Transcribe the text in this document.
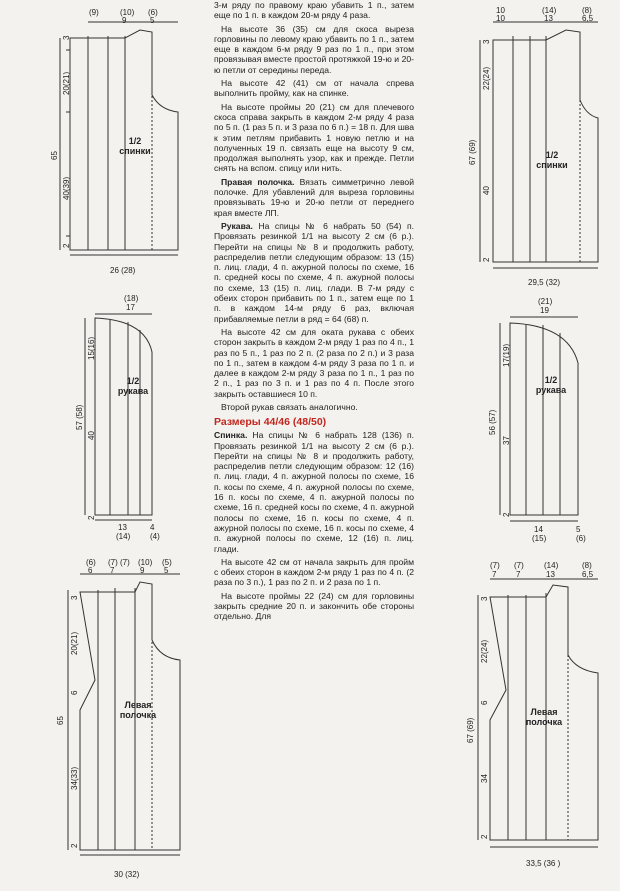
(9)	(10) (6)
9	5
3
20(21)
65
40(39)
2
1/2
спинки
26 (28)
(18)
17
15(16)
57 (58)
40
2
1/2
рукава
13
(14)
4
(4)
(6) (7) (7) (10) (5)
6 7	9 5
3
20(21)
6
65
34(33)
2
Левая
полочка
30 (32)

3-м ряду по правому краю убавить 1 п., затем еще по 1 п. в каждом 20-м ряду 4 раза.

На высоте 36 (35) см для скоса выреза горловины по левому краю убавить по 1 п., затем еще в каждом 6-м ряду 9 раз по 1 п., при этом провязывая вместе простой протяжкой 19-ю и 20-ю петли от середины переда.

На высоте 42 (41) см от начала спрева выполнить пройму, как на спинке.

На высоте проймы 20 (21) см для плечевого скоса справа закрыть в каждом 2-м ряду 4 раза по 5 п. (1 раз 5 п. и 3 раза по 6 п.) = 18 п. Для шва к этим петлям прибавить 1 новую петлю и на полученных 19 п. связать еще на высоту 9 см, продолжая выполнять узор, как и прежде. Петли снять на вспом. спицу или нить.

Правая полочка. Вязать симметрично левой полочке. Для убавлений для выреза горловины провязывать 19-ю и 20-ю петли от переднего края вместе ЛП.

Рукава. На спицы № 6 набрать 50 (54) п. Провязать резинкой 1/1 на высоту 2 см (6 р.). Перейти на спицы № 8 и продолжить работу, распределив петли следующим образом: 13 (15) п. лиц. глади, 4 п. ажурной полосы по схеме, 16 п. средней косы по схеме, 4 п. ажурной полосы по схеме, 13 (15) п. лиц. глади. В 7-м ряду с обеих сторон прибавить по 1 п., затем еще по 1 п. в каждом 14-м ряду 6 раз, включая прибавляемые петли в ряд = 64 (68) п.

На высоте 42 см для оката рукава с обеих сторон закрыть в каждом 2-м ряду 1 раз по 4 п., 1 раз по 5 п., 1 раз по 2 п. (2 раза по 2 п.) и 3 раза по 1 п., затем в каждом 4-м ряду 3 раза по 1 п. и далее в каждом 2-м ряду 3 раза по 1 п., 1 раз по 2 п., 1 раз по 3 п. и 1 раз по 4 п. После этого закрыть оставшиеся 10 п.

Второй рукав связать аналогично.

Размеры 44/46 (48/50)

Спинка. На спицы № 6 набрать 128 (136) п. Провязать резинкой 1/1 на высоту 2 см (6 р.). Перейти на спицы № 8 и продолжить работу, распределив петли следующим образом: 12 (16) п. лиц. глади, 4 п. ажурной полосы по схеме, 16 п. косы по схеме, 4 п. ажурной полосы по схеме, 16 п. косы по схеме, 4 п. ажурной полосы по схеме, 16 п. средней косы по схеме, 4 п. ажурной полосы по схеме, 16 п. косы по схеме, 4 п. ажурной полосы по схеме, 16 п. косы по схеме, 4 п. ажурной полосы по схеме, 12 (16) п. лиц. глади.

На высоте 42 см от начала закрыть для пройм с обеих сторон в каждом 2-м ряду 1 раз по 4 п. (2 раза по 3 п.), 1 раз по 2 п. и 2 раза по 1 п.

На высоте проймы 22 (24) см для горловины закрыть средние 20 п. и закончить обе стороны отдельно. Для

10	(14)	(8)
10	13	6,5
3
22(24)
67 (69)
40
2
1/2
спинки
29,5 (32)
(21)
19
17(19)
56 (57)
37
2
1/2
рукава
14
(15)
5
(6)
(7) (7)	(14)	(8)
7 7	13	6,5
3
22(24)
6
67 (69)
34
2
Левая
полочка
33,5 (36 )
